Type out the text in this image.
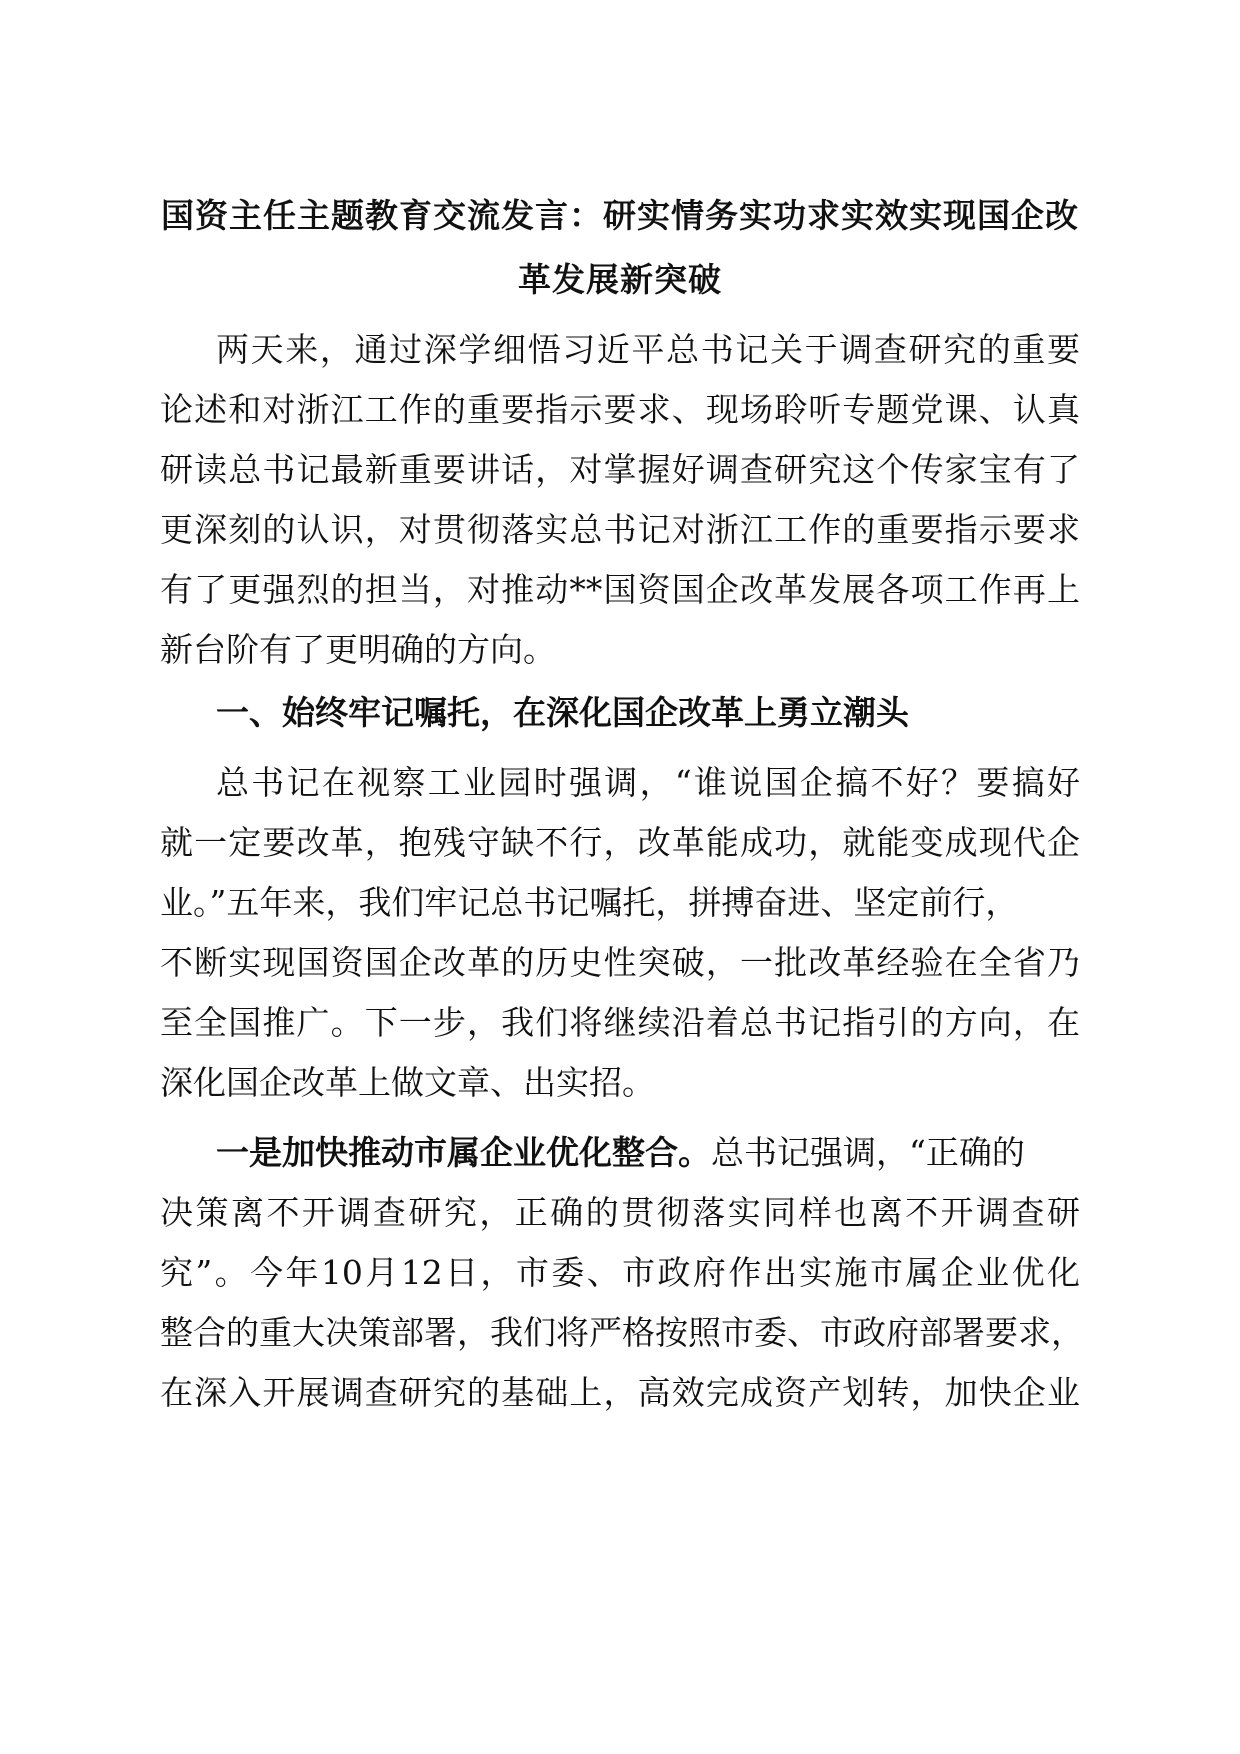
国资主任主题教育交流发言：研实情务实功求实效实现国企改
革发展新突破
两天来，通过深学细悟习近平总书记关于调查研究的重要
论述和对浙江工作的重要指示要求、现场聆听专题党课、认真
研读总书记最新重要讲话，对掌握好调查研究这个传家宝有了
更深刻的认识，对贯彻落实总书记对浙江工作的重要指示要求
有了更强烈的担当，对推动**国资国企改革发展各项工作再上
新台阶有了更明确的方向。
一、始终牢记嘱托，在深化国企改革上勇立潮头
总书记在视察工业园时强调，“谁说国企搞不好？要搞好
就一定要改革，抱残守缺不行，改革能成功，就能变成现代企
业。”五年来，我们牢记总书记嘱托，拼搏奋进、坚定前行，
不断实现国资国企改革的历史性突破，一批改革经验在全省乃
至全国推广。下一步，我们将继续沿着总书记指引的方向，在
深化国企改革上做文章、出实招。
一是加快推动市属企业优化整合。总书记强调，“正确的
决策离不开调查研究，正确的贯彻落实同样也离不开调查研
究”。今年10月12日，市委、市政府作出实施市属企业优化
整合的重大决策部署，我们将严格按照市委、市政府部署要求，
在深入开展调查研究的基础上，高效完成资产划转，加快企业
